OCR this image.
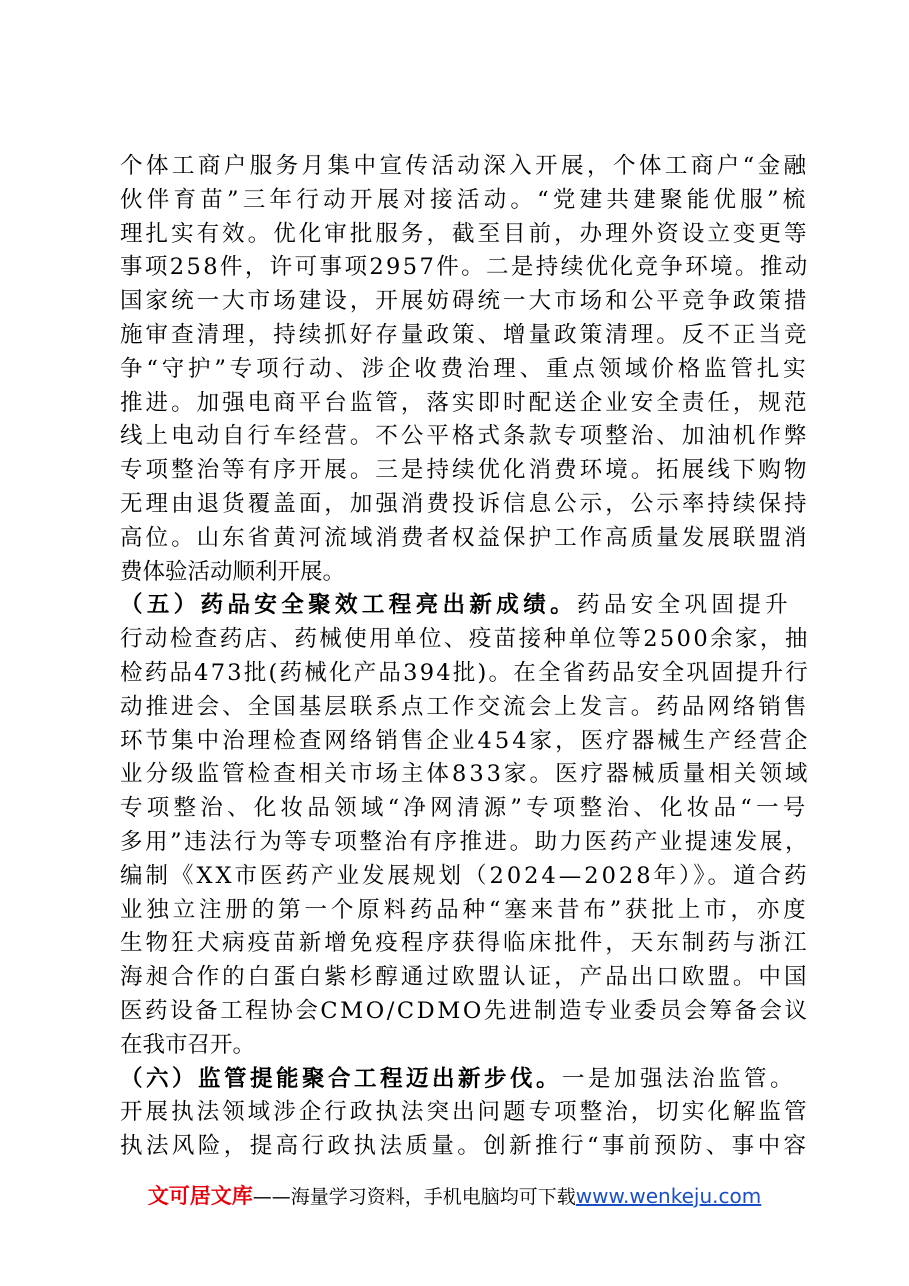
个体工商户服务月集中宣传活动深入开展，个体工商户“金融
伙伴育苗”三年行动开展对接活动。“党建共建聚能优服”梳
理扎实有效。优化审批服务，截至目前，办理外资设立变更等
事项258件，许可事项2957件。二是持续优化竞争环境。推动
国家统一大市场建设，开展妨碍统一大市场和公平竞争政策措
施审查清理，持续抓好存量政策、增量政策清理。反不正当竞
争“守护”专项行动、涉企收费治理、重点领域价格监管扎实
推进。加强电商平台监管，落实即时配送企业安全责任，规范
线上电动自行车经营。不公平格式条款专项整治、加油机作弊
专项整治等有序开展。三是持续优化消费环境。拓展线下购物
无理由退货覆盖面，加强消费投诉信息公示，公示率持续保持
高位。山东省黄河流域消费者权益保护工作高质量发展联盟消
费体验活动顺利开展。
（五）药品安全聚效工程亮出新成绩。药品安全巩固提升
行动检查药店、药械使用单位、疫苗接种单位等2500余家，抽
检药品473批(药械化产品394批)。在全省药品安全巩固提升行
动推进会、全国基层联系点工作交流会上发言。药品网络销售
环节集中治理检查网络销售企业454家，医疗器械生产经营企
业分级监管检查相关市场主体833家。医疗器械质量相关领域
专项整治、化妆品领域“净网清源”专项整治、化妆品“一号
多用”违法行为等专项整治有序推进。助力医药产业提速发展，
编制《XX市医药产业发展规划（2024—2028年）》。道合药
业独立注册的第一个原料药品种“塞来昔布”获批上市，亦度
生物狂犬病疫苗新增免疫程序获得临床批件，天东制药与浙江
海昶合作的白蛋白紫杉醇通过欧盟认证，产品出口欧盟。中国
医药设备工程协会CMO/CDMO先进制造专业委员会筹备会议
在我市召开。
（六）监管提能聚合工程迈出新步伐。一是加强法治监管。
开展执法领域涉企行政执法突出问题专项整治，切实化解监管
执法风险，提高行政执法质量。创新推行“事前预防、事中容
文可居文库——海量学习资料，手机电脑均可下载www.wenkeju.com
